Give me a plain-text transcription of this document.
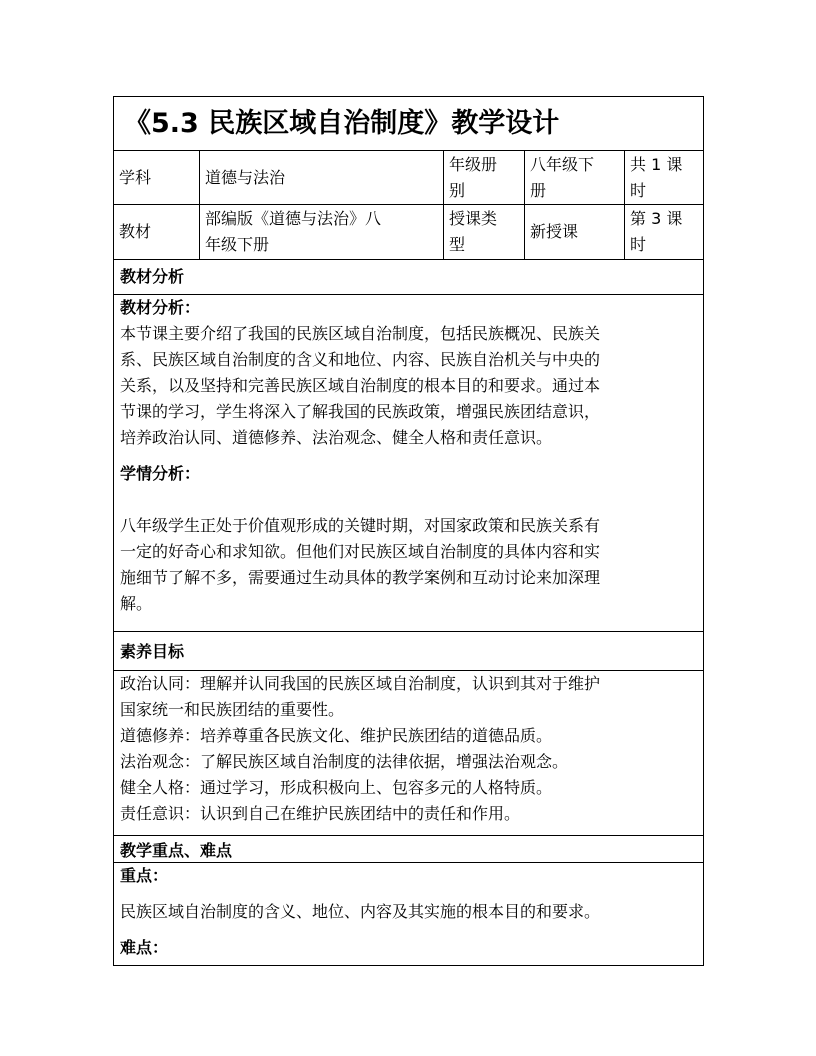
《5.3 民族区域自治制度》教学设计
学科	道德与法治
年级册
别
八年级下
册
共 1 课
时
教材
部编版《道德与法治》八
年级下册
授课类
型
新授课
第 3 课
时
教材分析
教材分析：

本节课主要介绍了我国的民族区域自治制度，包括民族概况、民族关
系、民族区域自治制度的含义和地位、内容、民族自治机关与中央的
关系，以及坚持和完善民族区域自治制度的根本目的和要求。通过本
节课的学习，学生将深入了解我国的民族政策，增强民族团结意识，
培养政治认同、道德修养、法治观念、健全人格和责任意识。

学情分析：

八年级学生正处于价值观形成的关键时期，对国家政策和民族关系有
一定的好奇心和求知欲。但他们对民族区域自治制度的具体内容和实
施细节了解不多，需要通过生动具体的教学案例和互动讨论来加深理
解。

素养目标

政治认同：理解并认同我国的民族区域自治制度，认识到其对于维护
国家统一和民族团结的重要性。

道德修养：培养尊重各民族文化、维护民族团结的道德品质。

法治观念：了解民族区域自治制度的法律依据，增强法治观念。

健全人格：通过学习，形成积极向上、包容多元的人格特质。

责任意识：认识到自己在维护民族团结中的责任和作用。

教学重点、难点
重点：

民族区域自治制度的含义、地位、内容及其实施的根本目的和要求。

难点：
